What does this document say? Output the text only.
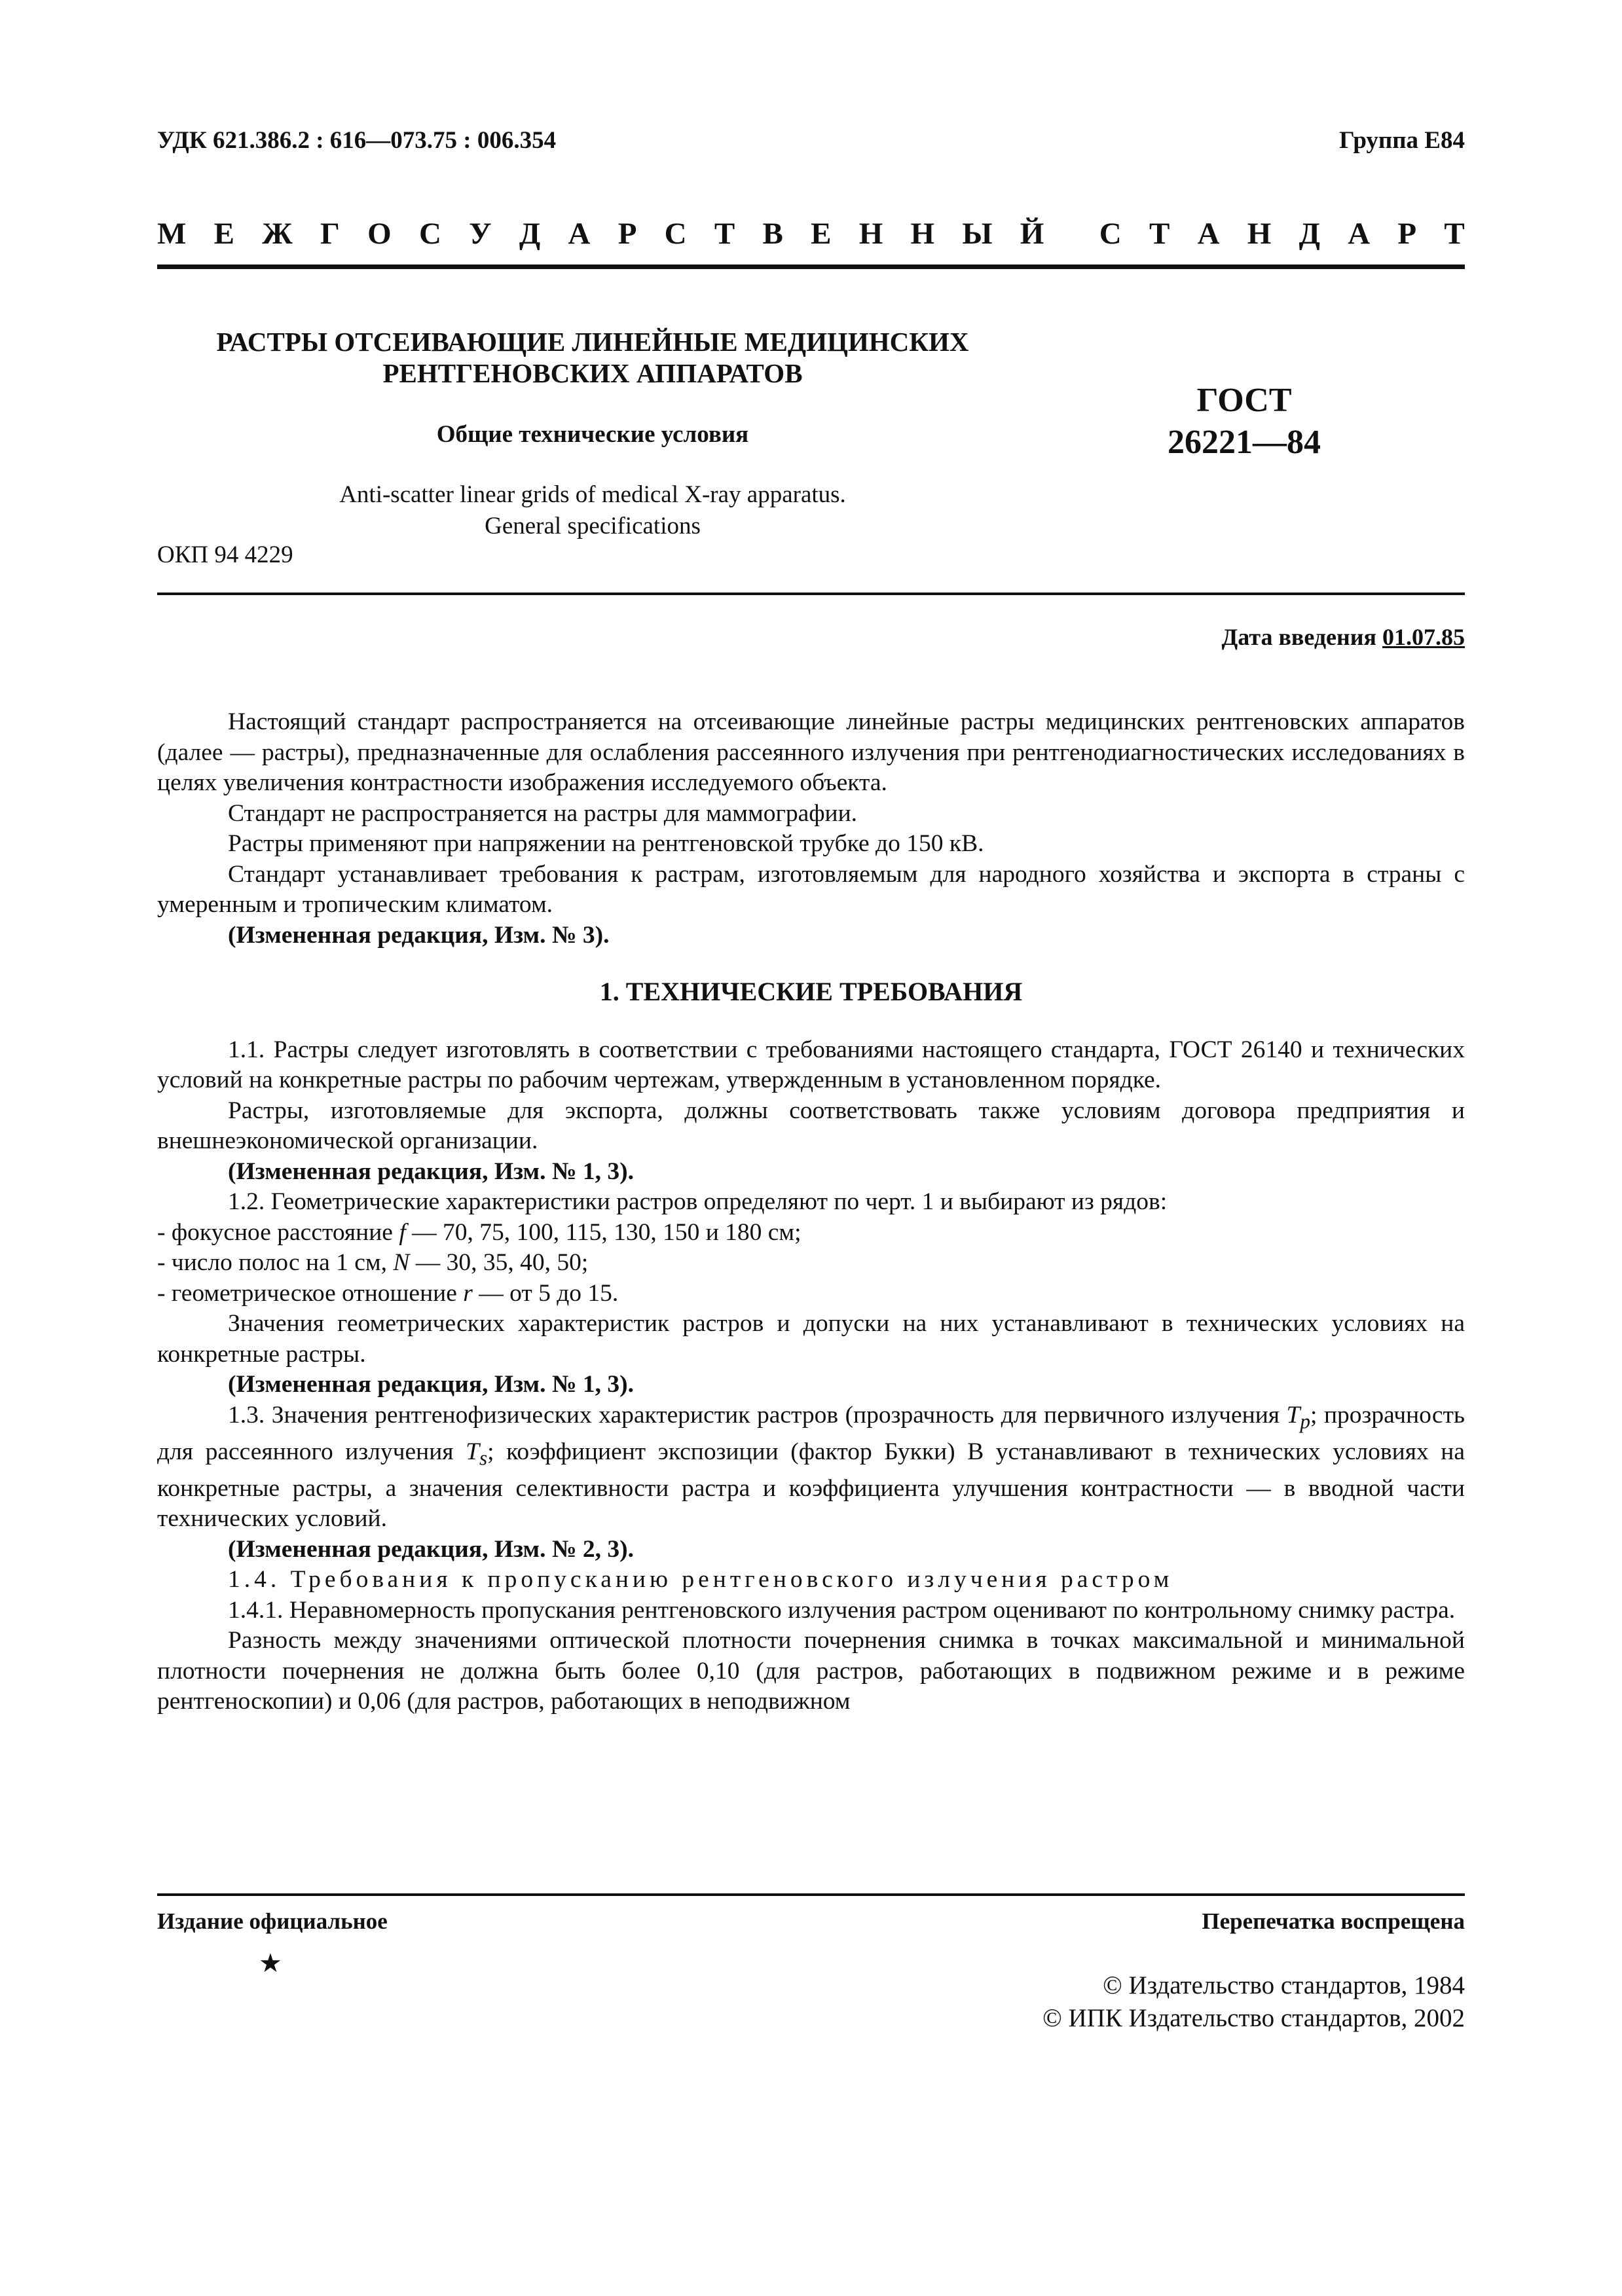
УДК 621.386.2 : 616—073.75 : 006.354	Группа Е84
М Е Ж Г О С У Д А Р С Т В Е Н Н Ы Й С Т А Н Д А Р Т
РАСТРЫ ОТСЕИВАЮЩИЕ ЛИНЕЙНЫЕ МЕДИЦИНСКИХ
РЕНТГЕНОВСКИХ АППАРАТОВ
Общие технические условия
ГОСТ
26221—84
Anti-scatter linear grids of medical X-ray apparatus.
General specifications
ОКП 94 4229
Дата введения 01.07.85

Настоящий стандарт распространяется на отсеивающие линейные растры медицинских рентгеновских аппаратов (далее — растры), предназначенные для ослабления рассеянного излучения при рентгенодиагностических исследованиях в целях увеличения контрастности изображения исследуемого объекта.

Стандарт не распространяется на растры для маммографии.

Растры применяют при напряжении на рентгеновской трубке до 150 кВ.

Стандарт устанавливает требования к растрам, изготовляемым для народного хозяйства и экспорта в страны с умеренным и тропическим климатом.

(Измененная редакция, Изм. № 3).

1. ТЕХНИЧЕСКИЕ ТРЕБОВАНИЯ

1.1. Растры следует изготовлять в соответствии с требованиями настоящего стандарта, ГОСТ 26140 и технических условий на конкретные растры по рабочим чертежам, утвержденным в установленном порядке.

Растры, изготовляемые для экспорта, должны соответствовать также условиям договора предприятия и внешнеэкономической организации.

(Измененная редакция, Изм. № 1, 3).

1.2. Геометрические характеристики растров определяют по черт. 1 и выбирают из рядов:

- фокусное расстояние f — 70, 75, 100, 115, 130, 150 и 180 см;

- число полос на 1 см, N — 30, 35, 40, 50;

- геометрическое отношение r — от 5 до 15.

Значения геометрических характеристик растров и допуски на них устанавливают в технических условиях на конкретные растры.

(Измененная редакция, Изм. № 1, 3).

1.3. Значения рентгенофизических характеристик растров (прозрачность для первичного излучения $T_p$; прозрачность для рассеянного излучения $T_s$; коэффициент экспозиции (фактор Букки) В устанавливают в технических условиях на конкретные растры, а значения селективности растра и коэффициента улучшения контрастности — в вводной части технических условий.

(Измененная редакция, Изм. № 2, 3).

1.4. Требования к пропусканию рентгеновского излучения растром

1.4.1. Неравномерность пропускания рентгеновского излучения растром оценивают по контрольному снимку растра.

Разность между значениями оптической плотности почернения снимка в точках максимальной и минимальной плотности почернения не должна быть более 0,10 (для растров, работающих в подвижном режиме и в режиме рентгеноскопии) и 0,06 (для растров, работающих в неподвижном

Издание официальное	Перепечатка воспрещена
★
© Издательство стандартов, 1984
© ИПК Издательство стандартов, 2002
